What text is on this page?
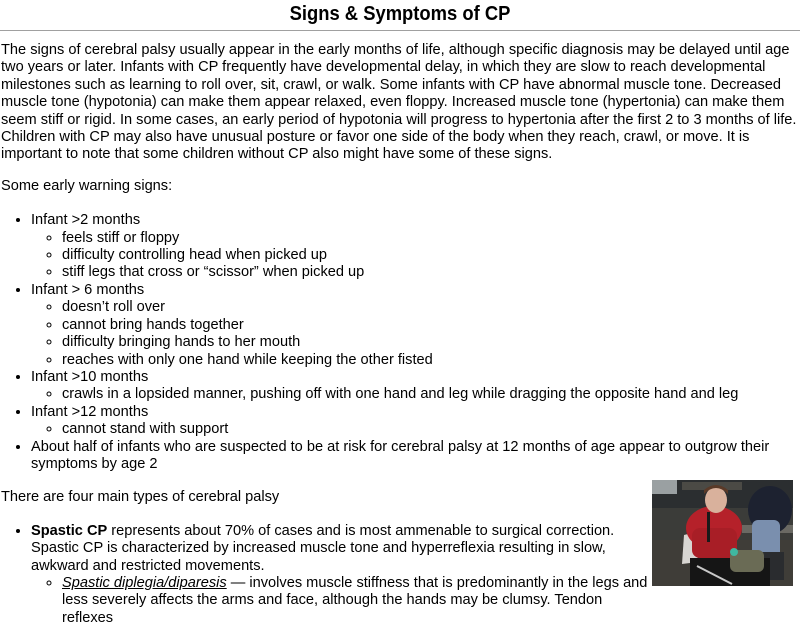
Signs & Symptoms of CP

The signs of cerebral palsy usually appear in the early months of life, although specific diagnosis may be delayed until age two years or later. Infants with CP frequently have developmental delay, in which they are slow to reach developmental milestones such as learning to roll over, sit, crawl, or walk. Some infants with CP have abnormal muscle tone. Decreased muscle tone (hypotonia) can make them appear relaxed, even floppy. Increased muscle tone (hypertonia) can make them seem stiff or rigid. In some cases, an early period of hypotonia will progress to hypertonia after the first 2 to 3 months of life. Children with CP may also have unusual posture or favor one side of the body when they reach, crawl, or move. It is important to note that some children without CP also might have some of these signs.

Some early warning signs:

• Infant >2 months
◦ feels stiff or floppy
◦ difficulty controlling head when picked up
◦ stiff legs that cross or “scissor” when picked up
• Infant > 6 months
◦ doesn’t roll over
◦ cannot bring hands together
◦ difficulty bringing hands to her mouth
◦ reaches with only one hand while keeping the other fisted
• Infant >10 months
◦ crawls in a lopsided manner, pushing off with one hand and leg while dragging the opposite hand and leg
• Infant >12 months
◦ cannot stand with support
• About half of infants who are suspected to be at risk for cerebral palsy at 12 months of age appear to outgrow their symptoms by age 2

There are four main types of cerebral palsy

• Spastic CP represents about 70% of cases and is most ammenable to surgical correction. Spastic CP is characterized by increased muscle tone and hyperreflexia resulting in slow, awkward and restricted movements.
◦ Spastic diplegia/diparesis — involves muscle stiffness that is predominantly in the legs and less severely affects the arms and face, although the hands may be clumsy. Tendon reflexes
